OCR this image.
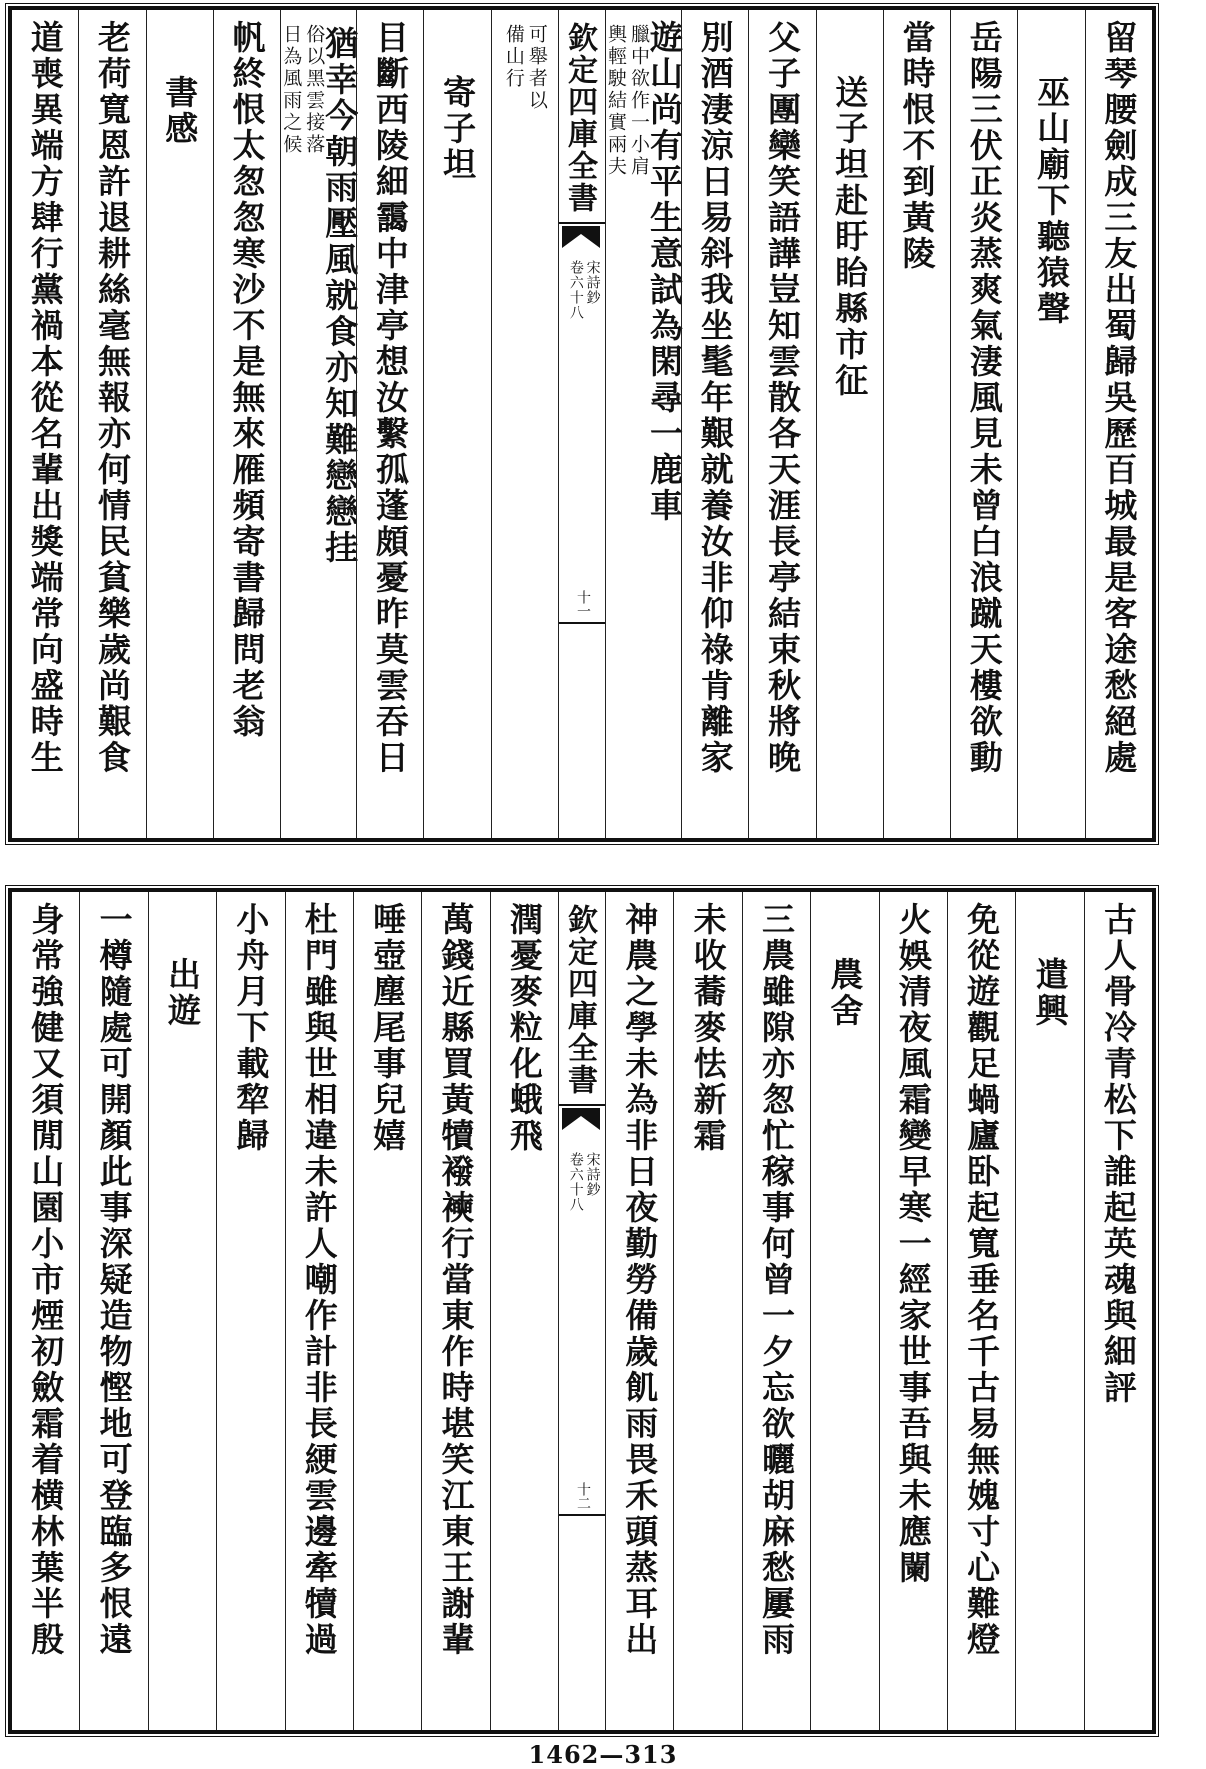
留琴腰劍成三友出蜀歸吳歷百城最是客途愁絕處
巫山廟下聽猿聲
岳陽三伏正炎蒸爽氣淒風見未曾白浪蹴天樓欲動
當時恨不到黃陵
送子坦赴盱眙縣市征
父子團欒笑語譁豈知雲散各天涯長亭結束秋將晚
別酒淒涼日易斜我坐髦年艱就養汝非仰祿肯離家
遊山尚有平生意試為閑尋一鹿車
臘中欲作一小肩
輿輕駛結實兩夫
欽定四庫全書
宋詩鈔
卷六十八
十一
可舉者以
備山行
寄子坦
目斷西陵細靄中津亭想汝繫孤蓬頗憂昨莫雲吞日
俗以黑雲接落
日為風雨之候 猶幸今朝雨壓風就食亦知難戀戀挂
帆終恨太怱怱寒沙不是無來雁頻寄書歸問老翁
書感
老荷寬恩許退耕絲毫無報亦何情民貧樂歲尚艱食
道喪異端方肆行黨禍本從名輩出獎端常向盛時生
古人骨冷青松下誰起英魂與細評
遣興
免從遊觀足蝸廬卧起寬垂名千古易無媿寸心難燈
火娛清夜風霜變早寒一經家世事吾與未應闌
農舍
三農雖隙亦怱忙稼事何曾一夕忘欲曬胡麻愁屢雨
未收蕎麥怯新霜
神農之學未為非日夜勤勞備歲飢雨畏禾頭蒸耳出
欽定四庫全書
宋詩鈔
卷六十八
十二
潤憂麥粒化蛾飛
萬錢近縣買黃犢襏襫行當東作時堪笑江東王謝輩
唾壺塵尾事兒嬉
杜門雖與世相違未許人嘲作計非長綆雲邊牽犢過
小舟月下載犂歸
出遊
一樽隨處可開顏此事深疑造物慳地可登臨多恨遠
身常強健又須閒山園小市煙初斂霜着横林葉半殷
1462—313
